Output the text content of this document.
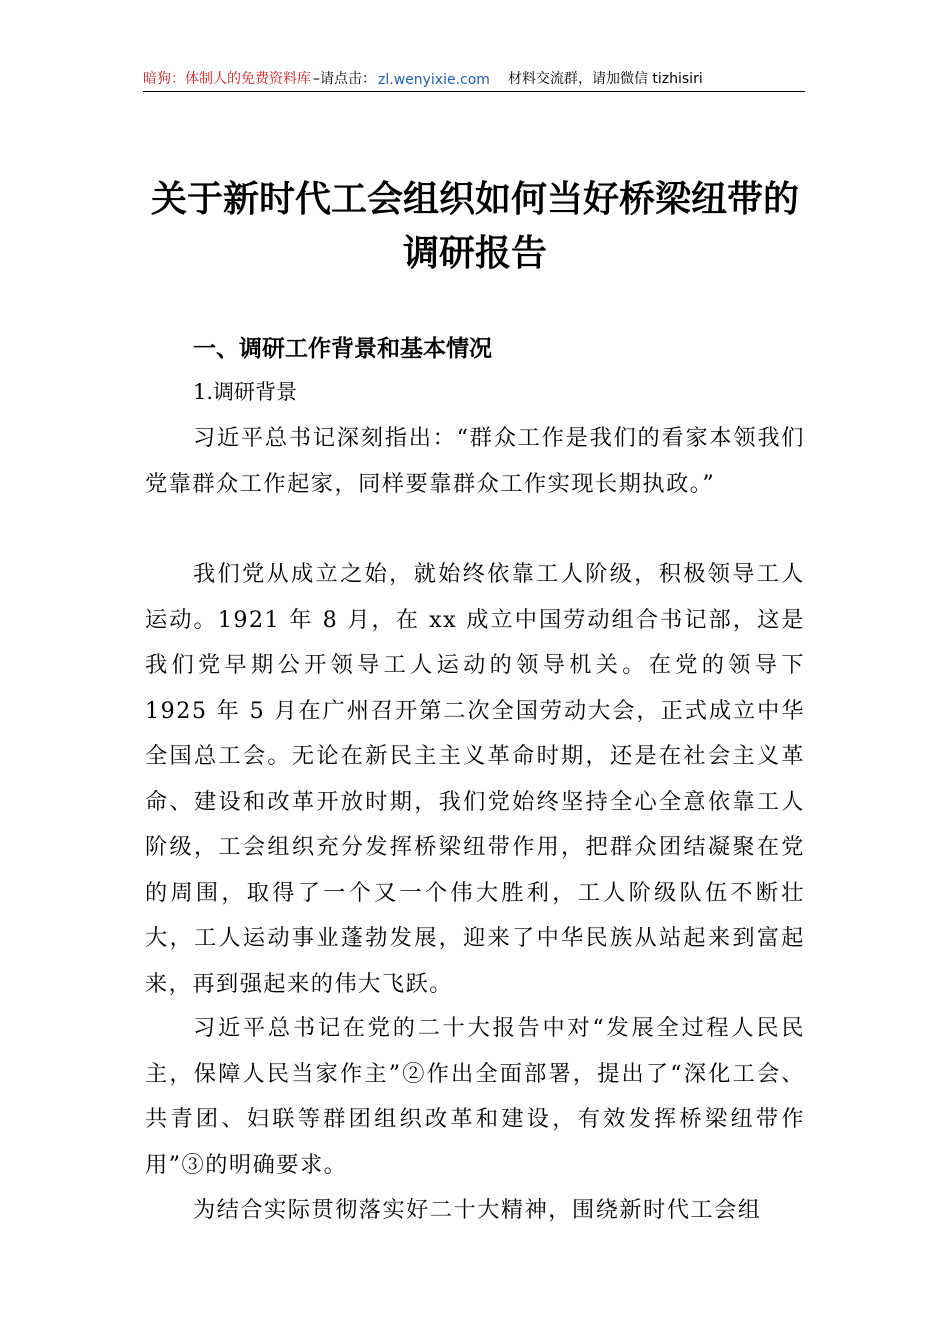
暗狗：体制人的免费资料库 –请点击： zl.wenyixie.com 材料交流群，请加微信 tizhisiri
关于新时代工会组织如何当好桥梁纽带的
调研报告
一、调研工作背景和基本情况
1.调研背景

习近平总书记深刻指出：“群众工作是我们的看家本领我们党靠群众工作起家，同样要靠群众工作实现长期执政。”

我们党从成立之始，就始终依靠工人阶级，积极领导工人运动。1921 年 8 月，在 xx 成立中国劳动组合书记部，这是我们党早期公开领导工人运动的领导机关。在党的领导下 1925 年 5 月在广州召开第二次全国劳动大会，正式成立中华全国总工会。无论在新民主主义革命时期，还是在社会主义革命、建设和改革开放时期，我们党始终坚持全心全意依靠工人阶级，工会组织充分发挥桥梁纽带作用，把群众团结凝聚在党的周围，取得了一个又一个伟大胜利，工人阶级队伍不断壮大，工人运动事业蓬勃发展，迎来了中华民族从站起来到富起来，再到强起来的伟大飞跃。

习近平总书记在党的二十大报告中对“发展全过程人民民主，保障人民当家作主”②作出全面部署，提出了“深化工会、共青团、妇联等群团组织改革和建设，有效发挥桥梁纽带作用”③的明确要求。

为结合实际贯彻落实好二十大精神，围绕新时代工会组
